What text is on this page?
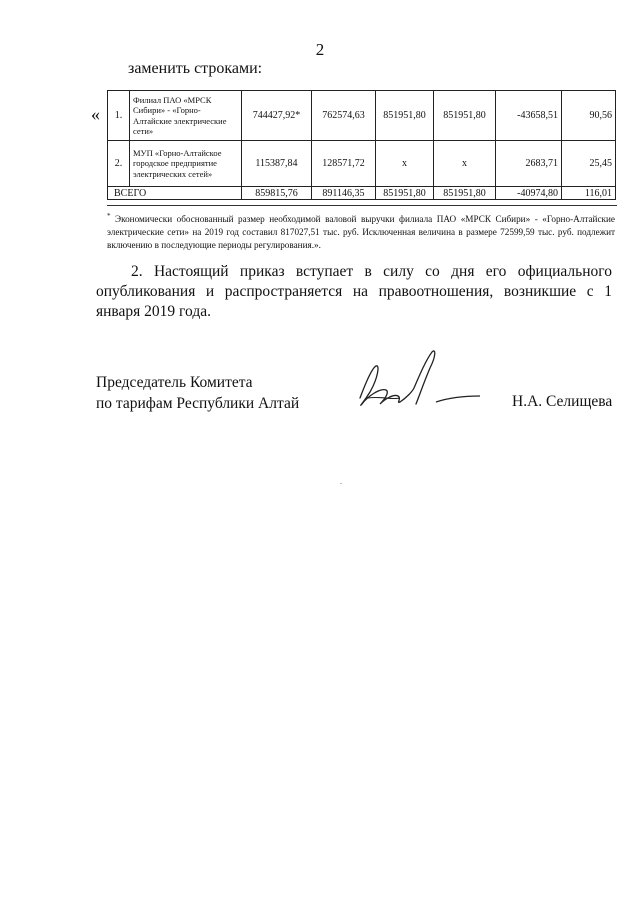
2
заменить строками:
« 1.	Филиал ПАО «МРСК Сибири» - «Горно-Алтайские электрические сети»	744427,92*	762574,63	851951,80	851951,80	-43658,51	90,56
2.	МУП «Горно-Алтайское городское предприятие электрических сетей»	115387,84	128571,72	x	x	2683,71	25,45
ВСЕГО		859815,76	891146,35	851951,80	851951,80	-40974,80	116,01
* Экономически обоснованный размер необходимой валовой выручки филиала ПАО «МРСК Сибири» - «Горно-Алтайские электрические сети» на 2019 год составил 817027,51 тыс. руб. Исключенная величина в размере 72599,59 тыс. руб. подлежит включению в последующие периоды регулирования.».
2. Настоящий приказ вступает в силу со дня его официального опубликования и распространяется на правоотношения, возникшие с 1 января 2019 года.
Председатель Комитета
по тарифам Республики Алтай	Н.А. Селищева
